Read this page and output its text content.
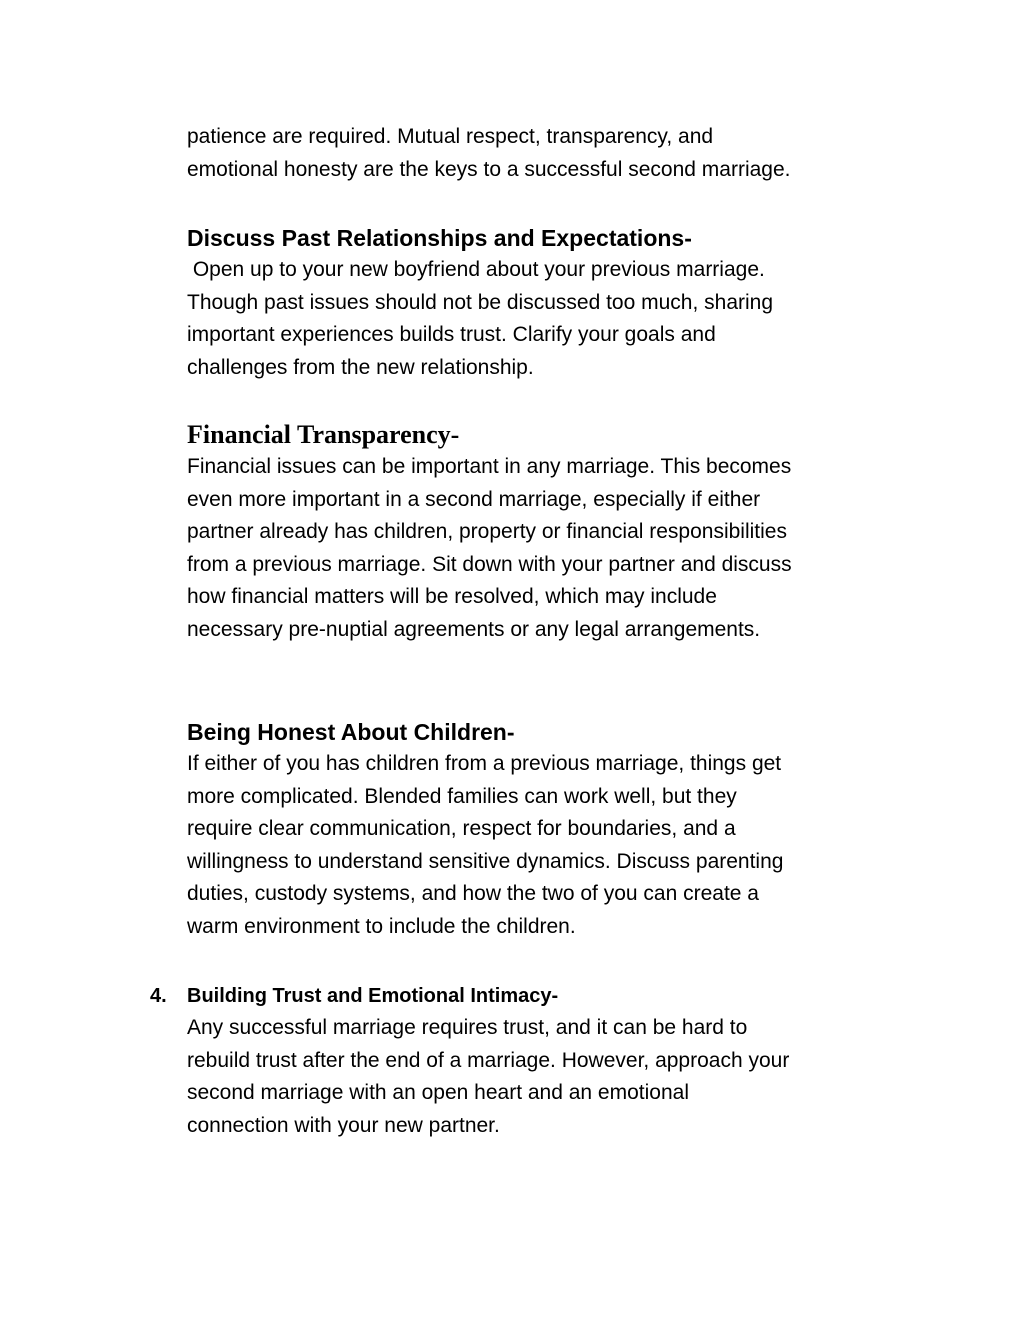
patience are required. Mutual respect, transparency, and

emotional honesty are the keys to a successful second marriage.

Discuss Past Relationships and Expectations-

Open up to your new boyfriend about your previous marriage.

Though past issues should not be discussed too much, sharing

important experiences builds trust. Clarify your goals and

challenges from the new relationship.

Financial Transparency-

Financial issues can be important in any marriage. This becomes

even more important in a second marriage, especially if either

partner already has children, property or financial responsibilities

from a previous marriage. Sit down with your partner and discuss

how financial matters will be resolved, which may include

necessary pre-nuptial agreements or any legal arrangements.

Being Honest About Children-

If either of you has children from a previous marriage, things get

more complicated. Blended families can work well, but they

require clear communication, respect for boundaries, and a

willingness to understand sensitive dynamics. Discuss parenting

duties, custody systems, and how the two of you can create a

warm environment to include the children.

4. Building Trust and Emotional Intimacy-

Any successful marriage requires trust, and it can be hard to

rebuild trust after the end of a marriage. However, approach your

second marriage with an open heart and an emotional

connection with your new partner.
